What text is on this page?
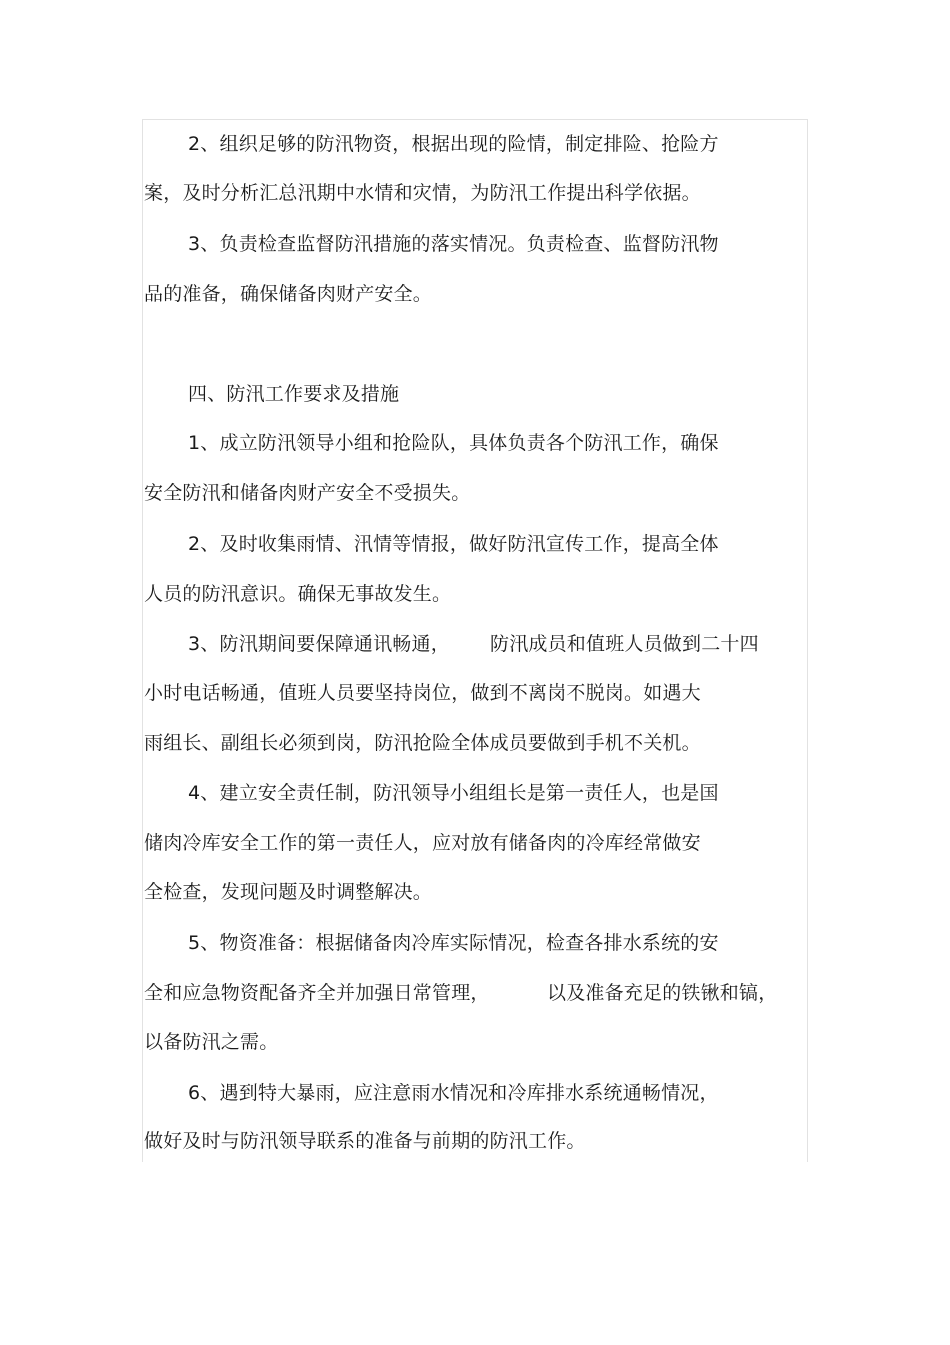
2、组织足够的防汛物资，根据出现的险情，制定排险、抢险方
案，及时分析汇总汛期中水情和灾情，为防汛工作提出科学依据。
3、负责检查监督防汛措施的落实情况。负责检查、监督防汛物
品的准备，确保储备肉财产安全。
四、防汛工作要求及措施
1、成立防汛领导小组和抢险队，具体负责各个防汛工作，确保
安全防汛和储备肉财产安全不受损失。
2、及时收集雨情、汛情等情报，做好防汛宣传工作，提高全体
人员的防汛意识。确保无事故发生。
3、防汛期间要保障通讯畅通， 防汛成员和值班人员做到二十四
小时电话畅通，值班人员要坚持岗位，做到不离岗不脱岗。如遇大
雨组长、副组长必须到岗，防汛抢险全体成员要做到手机不关机。
4、建立安全责任制，防汛领导小组组长是第一责任人，也是国
储肉冷库安全工作的第一责任人，应对放有储备肉的冷库经常做安
全检查，发现问题及时调整解决。
5、物资准备：根据储备肉冷库实际情况，检查各排水系统的安
全和应急物资配备齐全并加强日常管理，	以及准备充足的铁锹和镐，
以备防汛之需。
6、遇到特大暴雨，应注意雨水情况和冷库排水系统通畅情况，
做好及时与防汛领导联系的准备与前期的防汛工作。
